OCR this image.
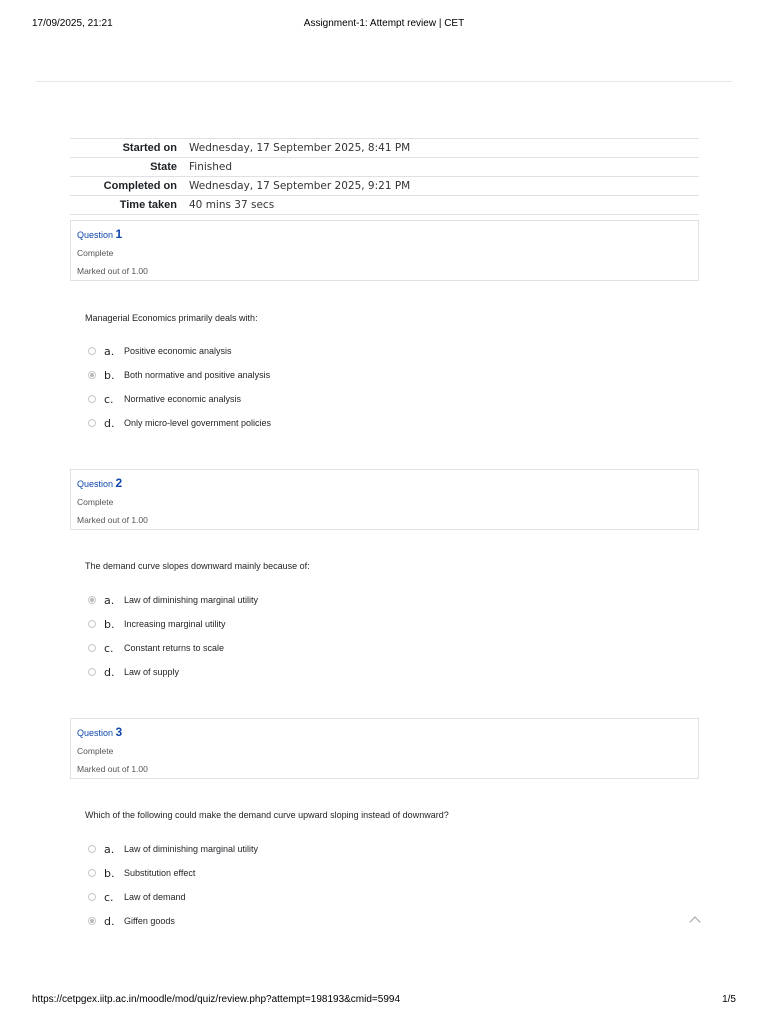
17/09/2025, 21:21	Assignment-1: Attempt review | CET
Started on	Wednesday, 17 September 2025, 8:41 PM
State	Finished
Completed on	Wednesday, 17 September 2025, 9:21 PM
Time taken	40 mins 37 secs
Question 1
Complete
Marked out of 1.00
Managerial Economics primarily deals with:
a.	Positive economic analysis
b.	Both normative and positive analysis
c.	Normative economic analysis
d.	Only micro-level government policies
Question 2
Complete
Marked out of 1.00
The demand curve slopes downward mainly because of:
a.	Law of diminishing marginal utility
b.	Increasing marginal utility
c.	Constant returns to scale
d.	Law of supply
Question 3
Complete
Marked out of 1.00
Which of the following could make the demand curve upward sloping instead of downward?
a.	Law of diminishing marginal utility
b.	Substitution effect
c.	Law of demand
d.	Giffen goods
https://cetpgex.iitp.ac.in/moodle/mod/quiz/review.php?attempt=198193&cmid=5994	1/5
